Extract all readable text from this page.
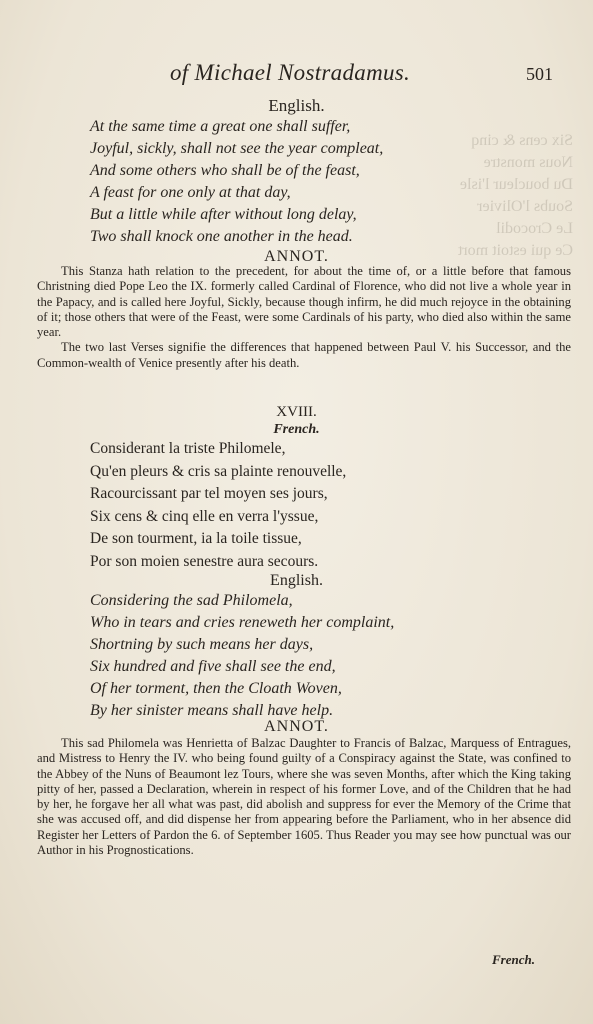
Six cens & cinq
Nous monstre
Du boucleur l'isle
Soubs l'Olivier
Le Crocodil
Ce qui estoit mort
of Michael Nostradamus.	501
English.
At the same time a great one shall suffer,
Joyful, sickly, shall not see the year compleat,
And some others who shall be of the feast,
A feast for one only at that day,
But a little while after without long delay,
Two shall knock one another in the head.
ANNOT.

This Stanza hath relation to the precedent, for about the time of, or a little before that famous Christning died Pope Leo the IX. formerly called Cardinal of Florence, who did not live a whole year in the Papacy, and is called here Joyful, Sickly, because though infirm, he did much rejoyce in the obtaining of it; those others that were of the Feast, were some Cardinals of his party, who died also within the same year.

The two last Verses signifie the differences that happened between Paul V. his Successor, and the Common-wealth of Venice presently after his death.

XVIII.
French.
Considerant la triste Philomele,
Qu'en pleurs & cris sa plainte renouvelle,
Racourcissant par tel moyen ses jours,
Six cens & cinq elle en verra l'yssue,
De son tourment, ia la toile tissue,
Por son moien senestre aura secours.
English.
Considering the sad Philomela,
Who in tears and cries reneweth her complaint,
Shortning by such means her days,
Six hundred and five shall see the end,
Of her torment, then the Cloath Woven,
By her sinister means shall have help.
ANNOT.

This sad Philomela was Henrietta of Balzac Daughter to Francis of Balzac, Marquess of Entragues, and Mistress to Henry the IV. who being found guilty of a Conspiracy against the State, was confined to the Abbey of the Nuns of Beaumont lez Tours, where she was seven Months, after which the King taking pitty of her, passed a Declaration, wherein in respect of his former Love, and of the Children that he had by her, he forgave her all what was past, did abolish and suppress for ever the Memory of the Crime that she was accused off, and did dispense her from appearing before the Parliament, who in her absence did Register her Letters of Pardon the 6. of September 1605. Thus Reader you may see how punctual was our Author in his Prognostications.

French.
